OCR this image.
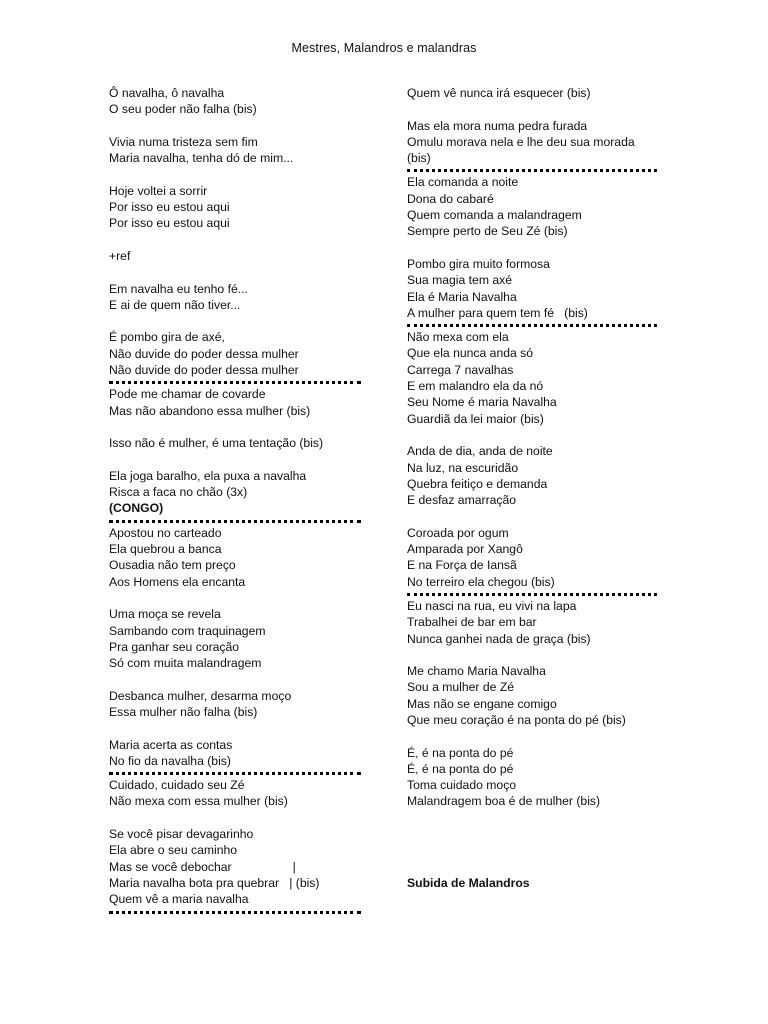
Mestres, Malandros e malandras
Ô navalha, ô navalha
O seu poder não falha (bis)
Vivia numa tristeza sem fim
Maria navalha, tenha dó de mim...
Hoje voltei a sorrir
Por isso eu estou aqui
Por isso eu estou aqui
+ref
Em navalha eu tenho fé...
E ai de quem não tiver...
É pombo gira de axé,
Não duvide do poder dessa mulher
Não duvide do poder dessa mulher
Pode me chamar de covarde
Mas não abandono essa mulher (bis)
Isso não é mulher, é uma tentação (bis)
Ela joga baralho, ela puxa a navalha
Risca a faca no chão (3x)
(CONGO)
Apostou no carteado
Ela quebrou a banca
Ousadia não tem preço
Aos Homens ela encanta
Uma moça se revela
Sambando com traquinagem
Pra ganhar seu coração
Só com muita malandragem
Desbanca mulher, desarma moço
Essa mulher não falha (bis)
Maria acerta as contas
No fio da navalha (bis)
Cuidado, cuidado seu Zé
Não mexa com essa mulher (bis)
Se você pisar devagarinho
Ela abre o seu caminho
Mas se você debochar                  |
Maria navalha bota pra quebrar   | (bis)
Quem vê a maria navalha
Quem vê nunca irá esquecer (bis)
Mas ela mora numa pedra furada
Omulu morava nela e lhe deu sua morada
(bis)
Ela comanda a noite
Dona do cabaré
Quem comanda a malandragem
Sempre perto de Seu Zé (bis)
Pombo gira muito formosa
Sua magia tem axé
Ela é Maria Navalha
A mulher para quem tem fé   (bis)
Não mexa com ela
Que ela nunca anda só
Carrega 7 navalhas
E em malandro ela da nó
Seu Nome é maria Navalha
Guardiã da lei maior (bis)
Anda de dia, anda de noite
Na luz, na escuridão
Quebra feitiço e demanda
E desfaz amarração
Coroada por ogum
Amparada por Xangô
E na Força de Iansã
No terreiro ela chegou (bis)
Eu nasci na rua, eu vivi na lapa
Trabalhei de bar em bar
Nunca ganhei nada de graça (bis)
Me chamo Maria Navalha
Sou a mulher de Zé
Mas não se engane comigo
Que meu coração é na ponta do pé (bis)
É, é na ponta do pé
É, é na ponta do pé
Toma cuidado moço
Malandragem boa é de mulher (bis)
Subida de Malandros
